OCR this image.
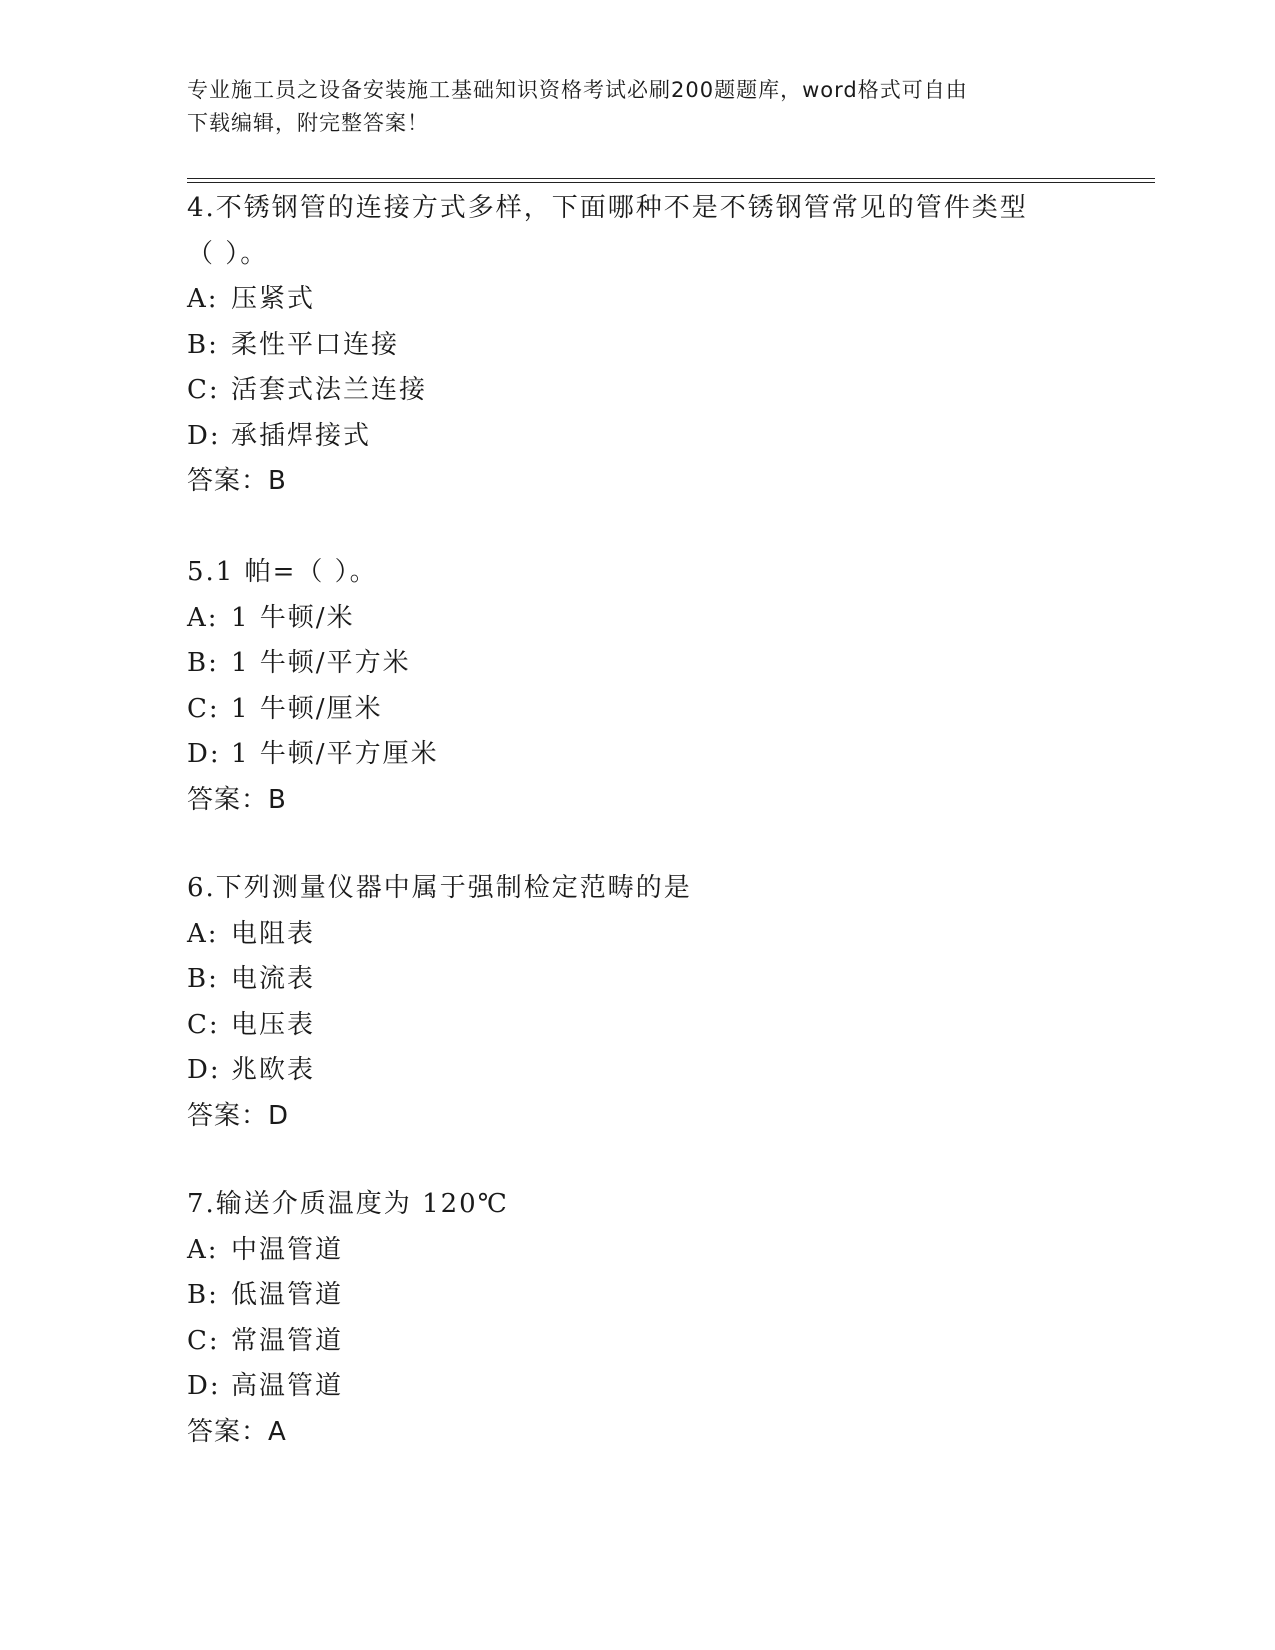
专业施工员之设备安装施工基础知识资格考试必刷200题题库，word格式可自由
下载编辑，附完整答案！
4.不锈钢管的连接方式多样，下面哪种不是不锈钢管常见的管件类型
（ ）。
A: 压紧式
B: 柔性平口连接
C: 活套式法兰连接
D: 承插焊接式
答案：B
5.1 帕=（ ）。
A: 1 牛顿/米
B: 1 牛顿/平方米
C: 1 牛顿/厘米
D: 1 牛顿/平方厘米
答案：B
6.下列测量仪器中属于强制检定范畴的是
A: 电阻表
B: 电流表
C: 电压表
D: 兆欧表
答案：D
7.输送介质温度为 120℃
A: 中温管道
B: 低温管道
C: 常温管道
D: 高温管道
答案：A
